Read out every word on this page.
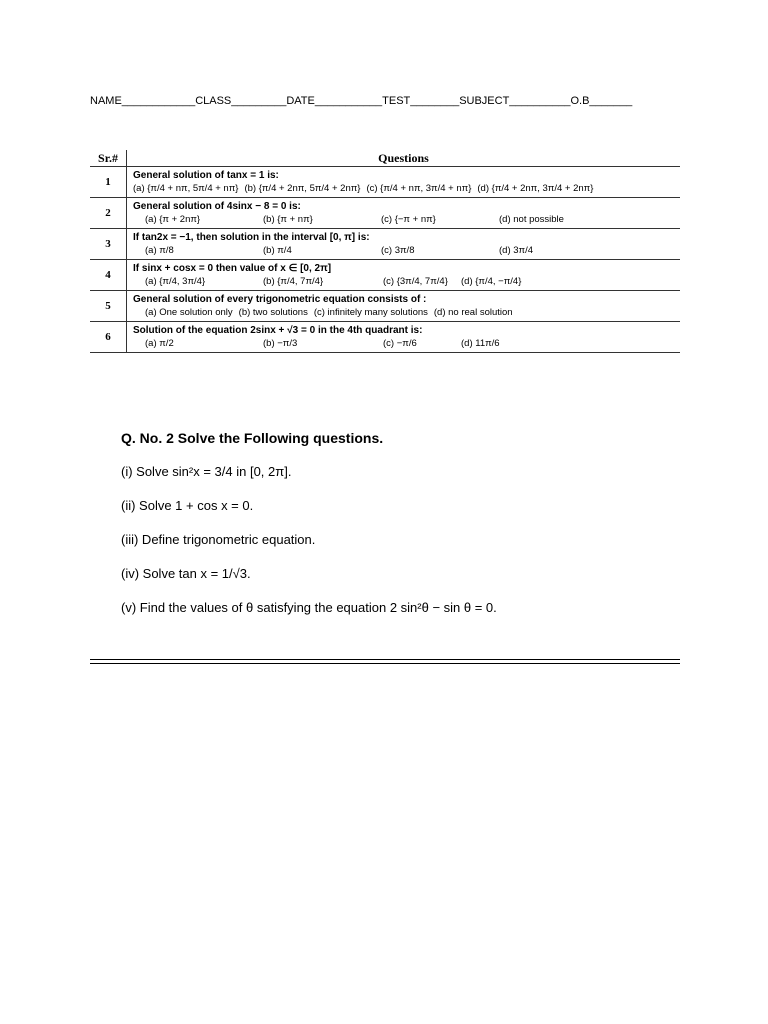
NAME____________CLASS_________DATE___________TEST________SUBJECT__________O.B_______
Sr.#	Questions
1	General solution of tanx = 1 is:
(a) {π/4 + nπ, 5π/4 + nπ} (b) {π/4 + 2nπ, 5π/4 + 2nπ} (c) {π/4 + nπ, 3π/4 + nπ} (d) {π/4 + 2nπ, 3π/4 + 2nπ}

2	General solution of 4sinx − 8 = 0 is:
(a) {π + 2nπ} (b) {π + nπ} (c) {−π + nπ} (d) not possible

3	If tan2x = −1, then solution in the interval [0, π] is:
(a) π/8 (b) π/4 (c) 3π/8 (d) 3π/4

4	If sinx + cosx = 0 then value of x ∈ [0, 2π]
(a) {π/4, 3π/4} (b) {π/4, 7π/4} (c) {3π/4, 7π/4} (d) {π/4, −π/4}

5	General solution of every trigonometric equation consists of :
(a) One solution only (b) two solutions (c) infinitely many solutions (d) no real solution

6	Solution of the equation 2sinx + √3 = 0 in the 4th quadrant is:
(a) π/2 (b) −π/3 (c) −π/6 (d) 11π/6
Q. No. 2 Solve the Following questions.
(i) Solve sin²x = 3/4 in [0, 2π].
(ii) Solve 1 + cos x = 0.
(iii) Define trigonometric equation.
(iv) Solve tan x = 1/√3.
(v) Find the values of θ satisfying the equation 2 sin²θ − sin θ = 0.
